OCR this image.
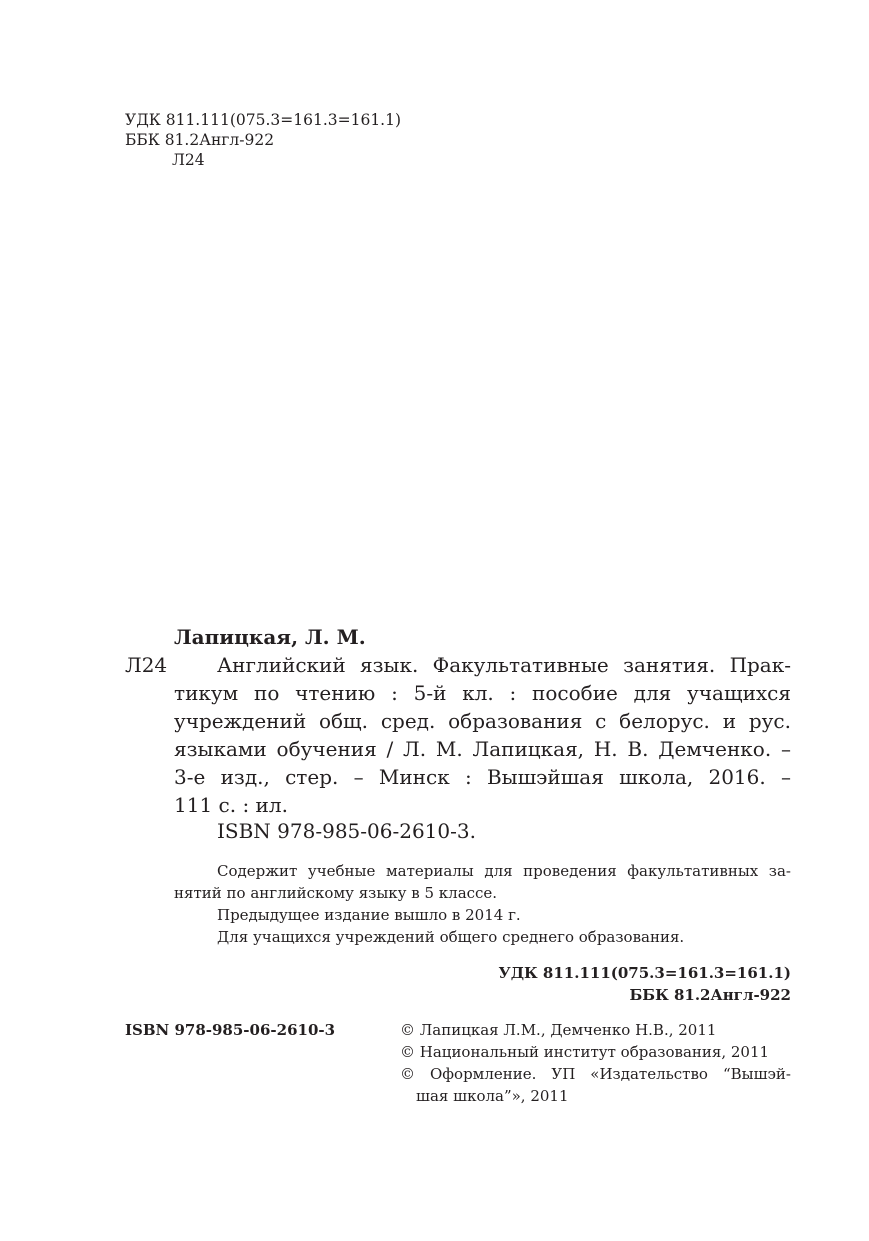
УДК 811.111(075.3=161.3=161.1)
ББК 81.2Англ-922
Л24
Лапицкая, Л. М.
Л24 Английский язык. Факультативные занятия. Прак-
тикум по чтению : 5-й кл. : пособие для учащихся
учреждений общ. сред. образования с белорус. и рус.
языками обучения / Л. М. Лапицкая, Н. В. Демченко. –
3-е изд., стер. – Минск : Вышэйшая школа, 2016. –
111 с. : ил.
ISBN 978-985-06-2610-3.
Содержит учебные материалы для проведения факультативных за-
нятий по английскому языку в 5 классе.
Предыдущее издание вышло в 2014 г.
Для учащихся учреждений общего среднего образования.
УДК 811.111(075.3=161.3=161.1)
ББК 81.2Англ-922
ISBN 978-985-06-2610-3	© Лапицкая Л.М., Демченко Н.В., 2011
© Национальный институт образования, 2011
© Оформление. УП «Издательство “Вышэй-
шая школа”», 2011
